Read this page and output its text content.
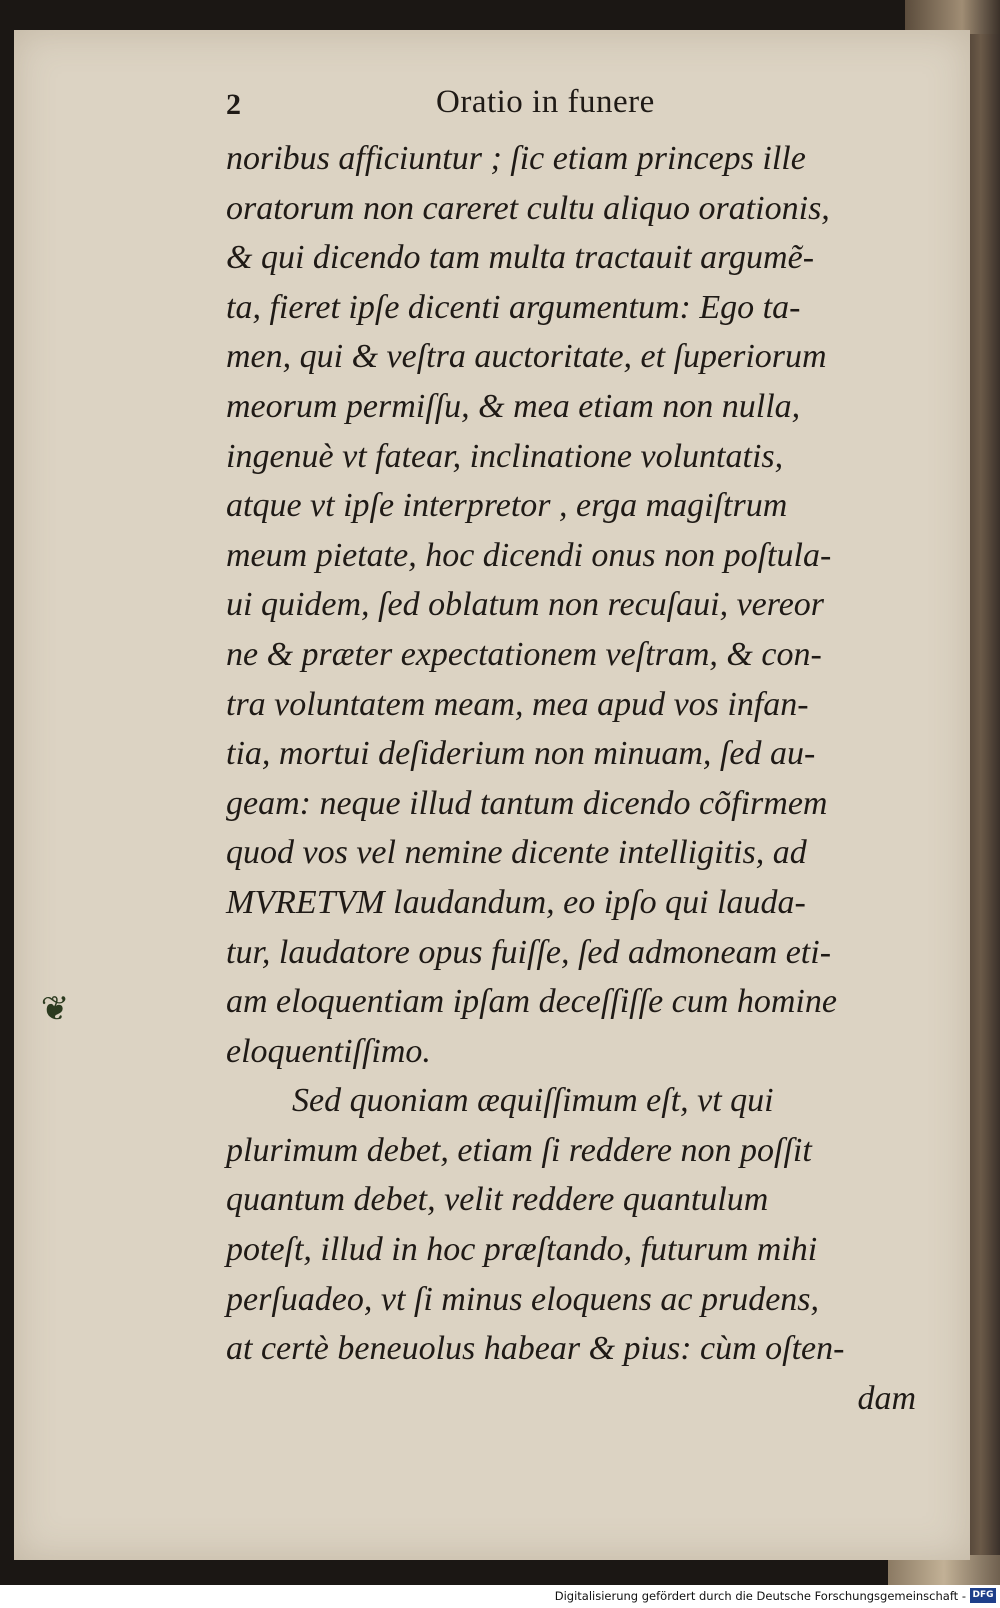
2	Oratio in funere
noribus afficiuntur ; ſic etiam princeps ille
oratorum non careret cultu aliquo orationis,
& qui dicendo tam multa tractauit argumẽ-
ta, fieret ipſe dicenti argumentum: Ego ta-
men, qui & veſtra auctoritate, et ſuperiorum
meorum permiſſu, & mea etiam non nulla,
ingenuè vt fatear, inclinatione voluntatis,
atque vt ipſe interpretor , erga magiſtrum
meum pietate, hoc dicendi onus non poſtula-
ui quidem, ſed oblatum non recuſaui, vereor
ne & præter expectationem veſtram, & con-
tra voluntatem meam, mea apud vos infan-
tia, mortui deſiderium non minuam, ſed au-
geam: neque illud tantum dicendo cõfirmem
quod vos vel nemine dicente intelligitis, ad
MVRETVM laudandum, eo ipſo qui lauda-
tur, laudatore opus fuiſſe, ſed admoneam eti-
am eloquentiam ipſam deceſſiſſe cum homine
eloquentiſſimo.
Sed quoniam æquiſſimum eſt, vt qui
plurimum debet, etiam ſi reddere non poſſit
quantum debet, velit reddere quantulum
poteſt, illud in hoc præſtando, futurum mihi
perſuadeo, vt ſi minus eloquens ac prudens,
at certè beneuolus habear & pius: cùm oſten-
dam
❦
Digitalisierung gefördert durch die Deutsche Forschungsgemeinschaft - DFG
